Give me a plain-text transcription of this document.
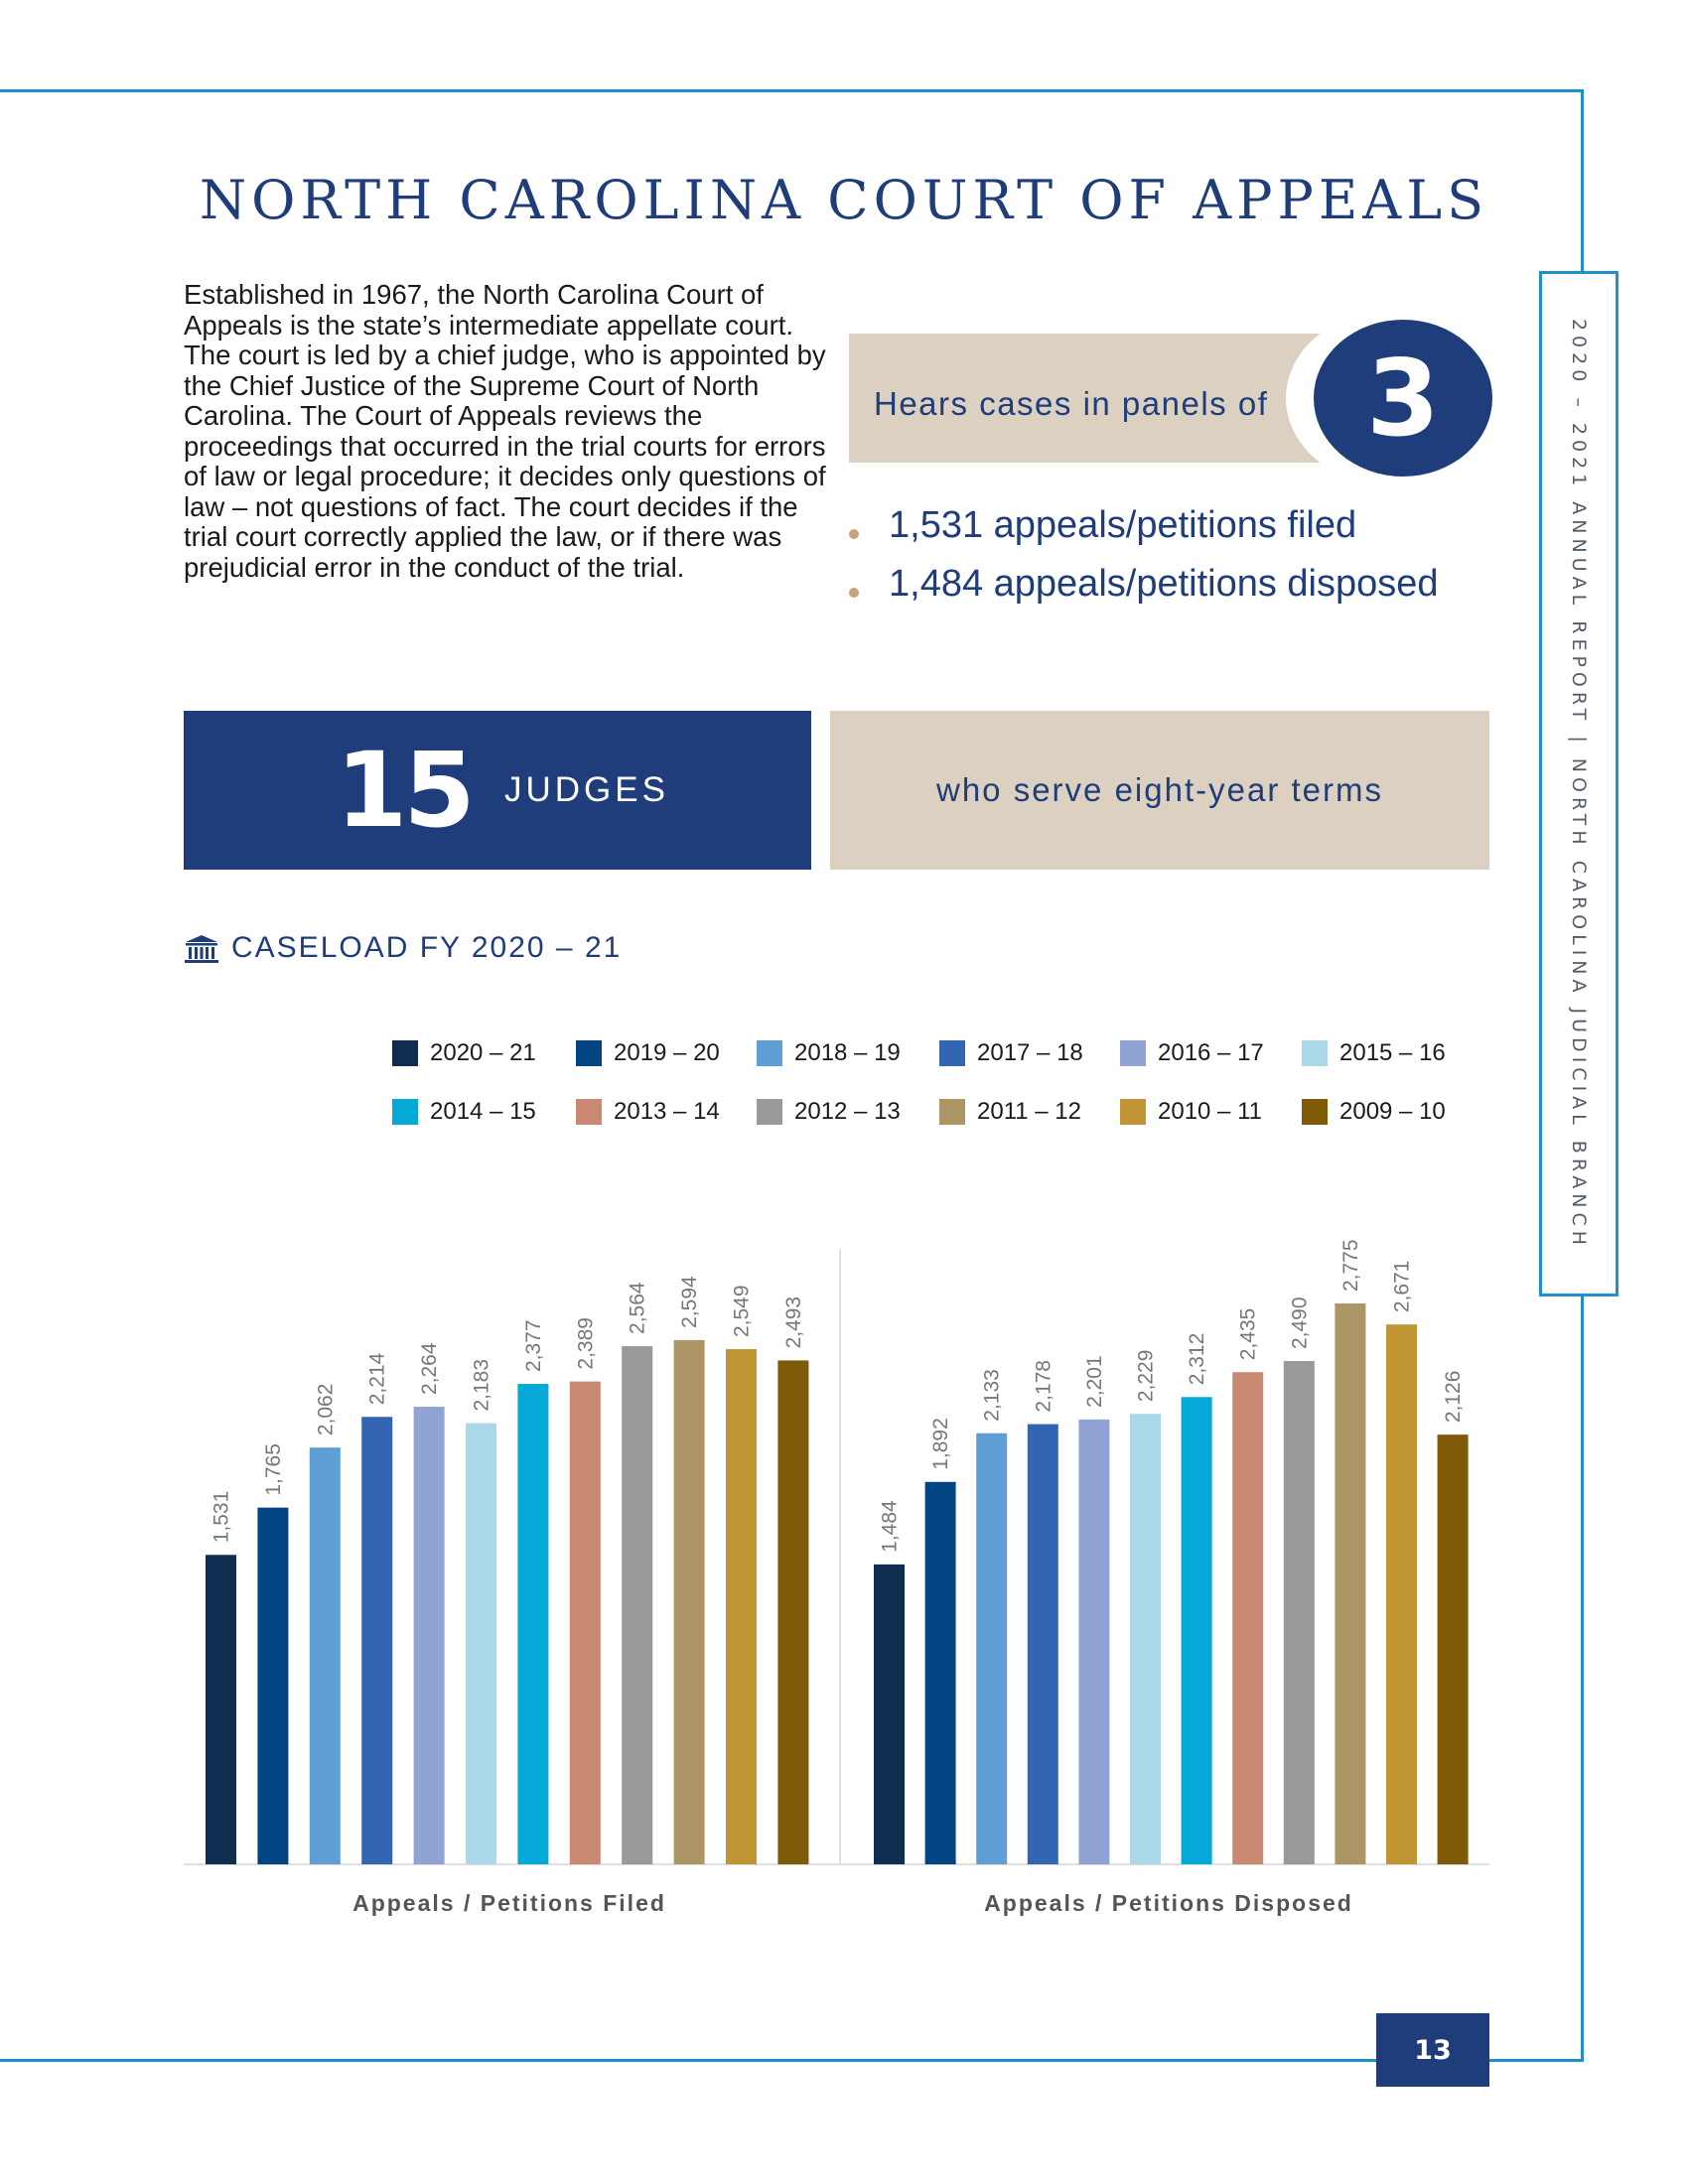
2020 – 2021 ANNUAL REPORT | NORTH CAROLINA JUDICIAL BRANCH
NORTH CAROLINA COURT OF APPEALS
Established in 1967, the North Carolina Court of Appeals is the state’s intermediate appellate court. The court is led by a chief judge, who is appointed by the Chief Justice of the Supreme Court of North Carolina. The Court of Appeals reviews the proceedings that occurred in the trial courts for errors of law or legal procedure; it decides only questions of law – not questions of fact. The court decides if the trial court correctly applied the law, or if there was prejudicial error in the conduct of the trial.
Hears cases in panels of 3
1,531 appeals/petitions filed
1,484 appeals/petitions disposed
15 JUDGES	who serve eight-year terms
CASELOAD FY 2020 – 21
2020 – 21	2019 – 20	2018 – 19	2017 – 18	2016 – 17	2015 – 16
2014 – 15	2013 – 14	2012 – 13	2011 – 12	2010 – 11	2009 – 10
1,531
1,765
2,062
2,214 2,264 2,183
2,377 2,389
2,564 2,594 2,549 2,493
Appeals / Petitions Filed
1,484
1,892
2,133 2,178 2,201 2,229 2,312 2,435 2,490
2,775 2,671
2,126
Appeals / Petitions Disposed
13
